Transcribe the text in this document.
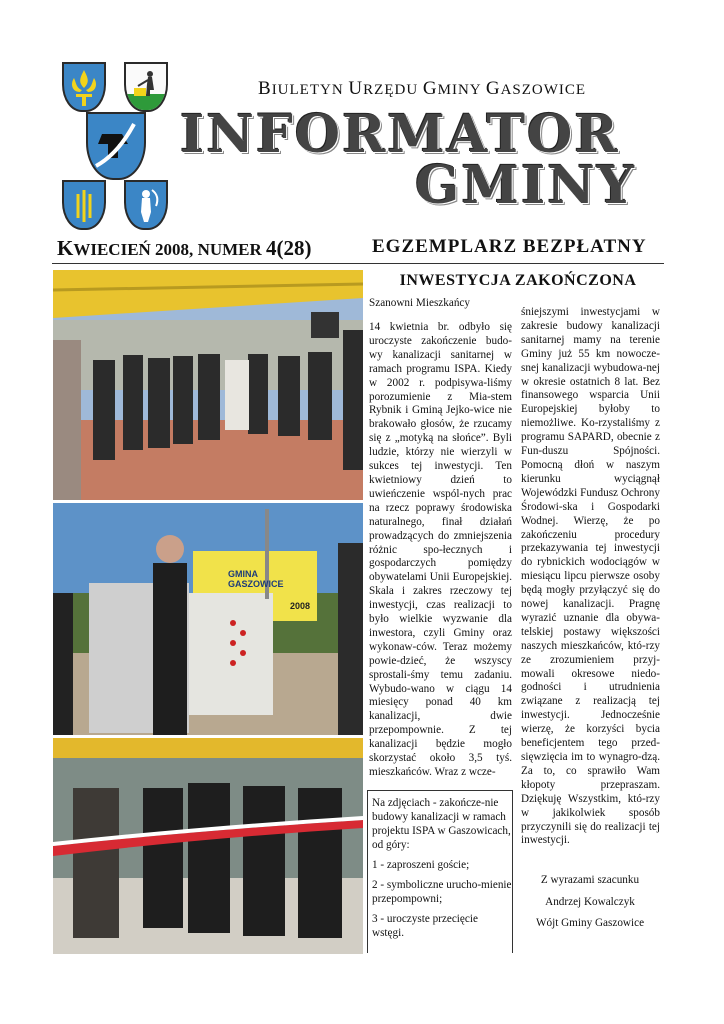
BIULETYN URZĘDU GMINY GASZOWICE
INFORMATOR
GMINY
KWIECIEŃ 2008, NUMER 4(28)	EGZEMPLARZ BEZPŁATNY
GMINA
GASZOWICE
2008
INWESTYCJA ZAKOŃCZONA
Szanowni Mieszkańcy

14 kwietnia br. odbyło się uroczyste zakończenie budo-wy kanalizacji sanitarnej w ramach programu ISPA. Kiedy w 2002 r. podpisywa-liśmy porozumienie z Mia-stem Rybnik i Gminą Jejko-wice nie brakowało głosów, że rzucamy się z „motyką na słońce”. Byli ludzie, którzy nie wierzyli w sukces tej inwestycji. Ten kwietniowy dzień to uwieńczenie wspól-nych prac na rzecz poprawy środowiska naturalnego, finał działań prowadzących do zmniejszenia różnic spo-łecznych i gospodarczych pomiędzy obywatelami Unii Europejskiej. Skala i zakres rzeczowy tej inwestycji, czas realizacji to było wielkie wyzwanie dla inwestora, czyli Gminy oraz wykonaw-ców. Teraz możemy powie-dzieć, że wszyscy sprostali-śmy temu zadaniu. Wybudo-wano w ciągu 14 miesięcy ponad 40 km kanalizacji, dwie przepompownie. Z tej kanalizacji będzie mogło skorzystać około 3,5 tyś. mieszkańców. Wraz z wcze-

śniejszymi inwestycjami w zakresie budowy kanalizacji sanitarnej mamy na terenie Gminy już 55 km nowocze-snej kanalizacji wybudowa-nej w okresie ostatnich 8 lat. Bez finansowego wsparcia Unii Europejskiej byłoby to niemożliwe. Ko-rzystaliśmy z programu SAPARD, obecnie z Fun-duszu Spójności. Pomocną dłoń w naszym kierunku wyciągnął Wojewódzki Fundusz Ochrony Środowi-ska i Gospodarki Wodnej. Wierzę, że po zakończeniu procedury przekazywania tej inwestycji do rybnickich wodociągów w miesiącu lipcu pierwsze osoby będą mogły przyłączyć się do nowej kanalizacji. Pragnę wyrazić uznanie dla obywa-telskiej postawy większości naszych mieszkańców, któ-rzy ze zrozumieniem przyj-mowali okresowe niedo-godności i utrudnienia związane z realizacją tej inwestycji. Jednocześnie wierzę, że korzyści bycia beneficjentem tego przed-sięwzięcia im to wynagro-dzą. Za to, co sprawiło Wam kłopoty przepraszam. Dziękuję Wszystkim, któ-rzy w jakikolwiek sposób przyczynili się do realizacji tej inwestycji.

Z wyrazami szacunku
Andrzej Kowalczyk
Wójt Gminy Gaszowice

Na zdjęciach - zakończe-nie budowy kanalizacji w ramach projektu ISPA w Gaszowicach, od góry:

1 - zaproszeni goście;

2 - symboliczne urucho-mienie przepompowni;

3 - uroczyste przecięcie wstęgi.
